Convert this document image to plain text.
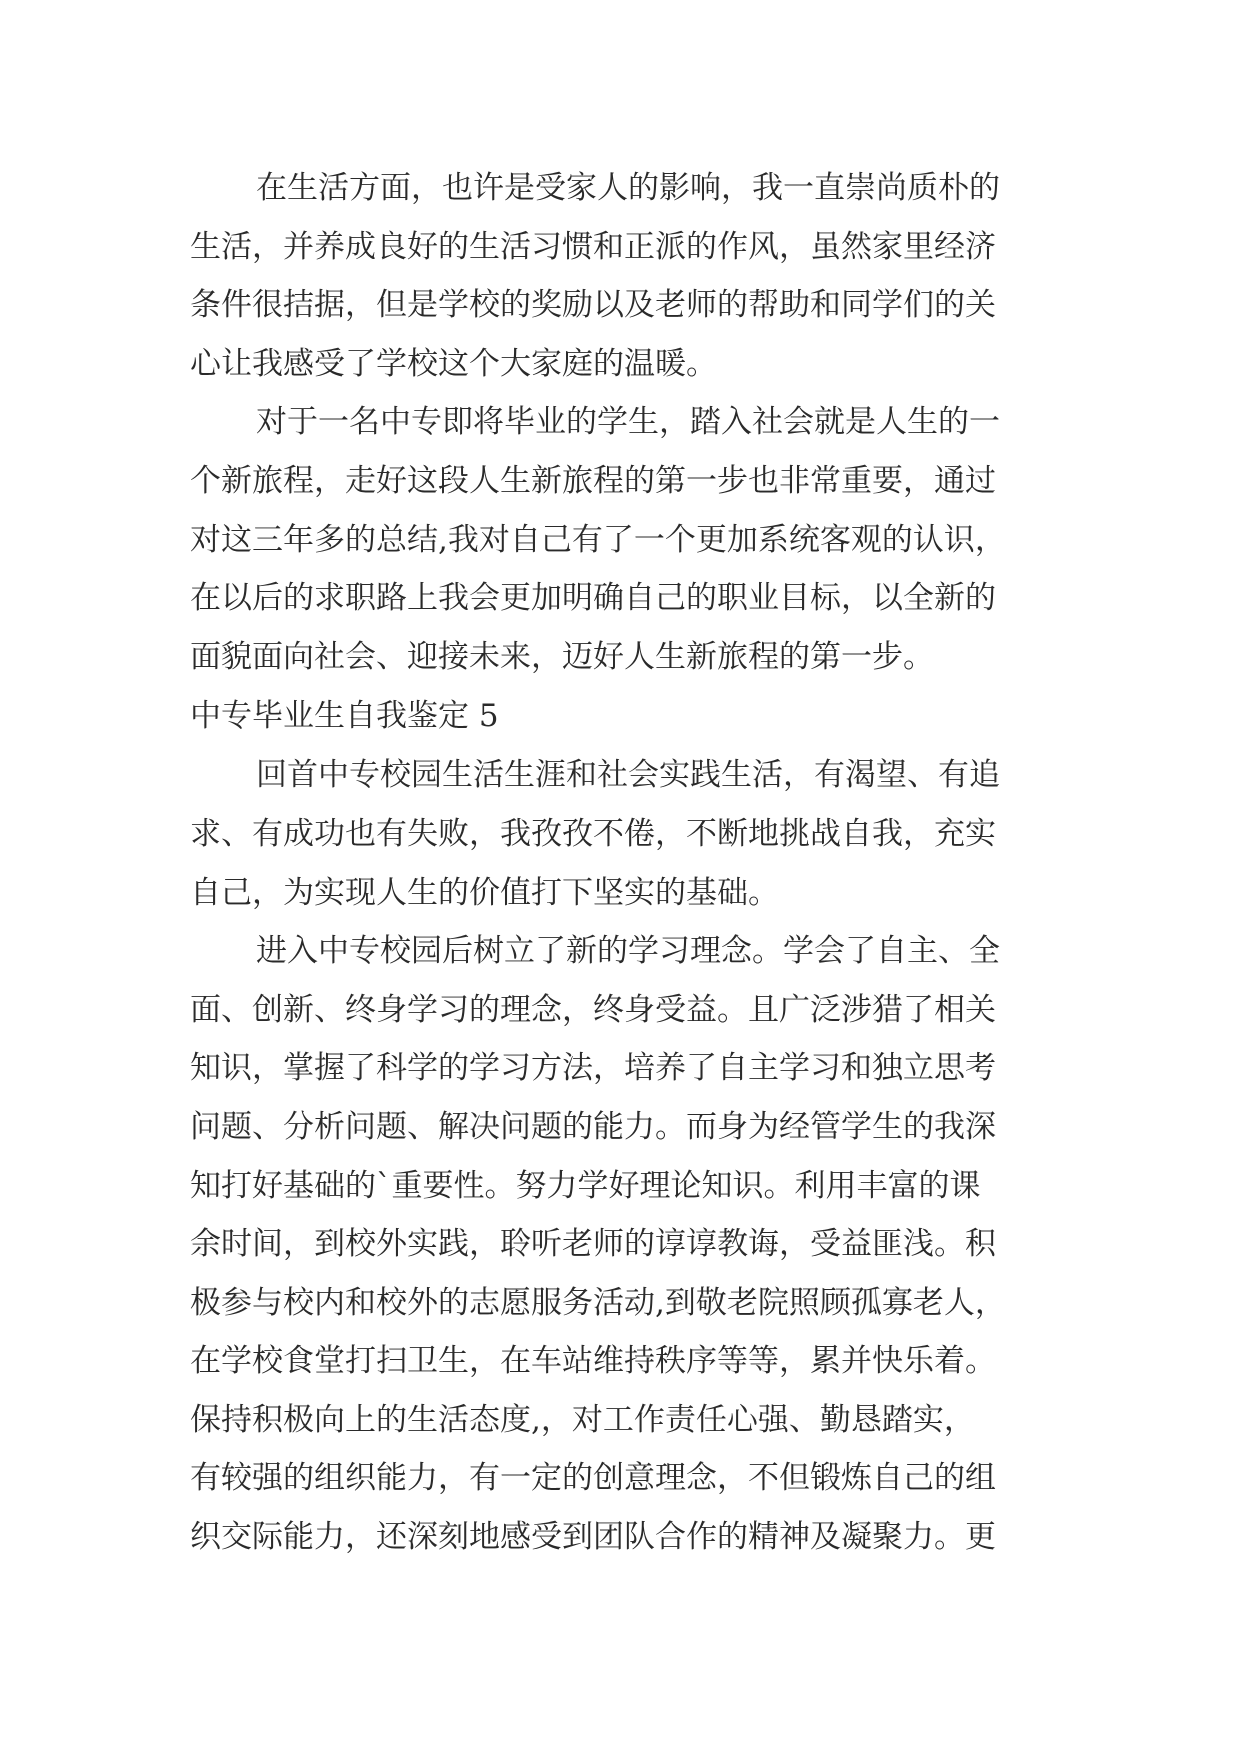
在生活方面，也许是受家人的影响，我一直崇尚质朴的

生活，并养成良好的生活习惯和正派的作风，虽然家里经济

条件很拮据，但是学校的奖励以及老师的帮助和同学们的关

心让我感受了学校这个大家庭的温暖。

对于一名中专即将毕业的学生，踏入社会就是人生的一

个新旅程，走好这段人生新旅程的第一步也非常重要，通过

对这三年多的总结,我对自己有了一个更加系统客观的认识，

在以后的求职路上我会更加明确自己的职业目标，以全新的

面貌面向社会、迎接未来，迈好人生新旅程的第一步。

中专毕业生自我鉴定 5

回首中专校园生活生涯和社会实践生活，有渴望、有追

求、有成功也有失败，我孜孜不倦，不断地挑战自我，充实

自己，为实现人生的价值打下坚实的基础。

进入中专校园后树立了新的学习理念。学会了自主、全

面、创新、终身学习的理念，终身受益。且广泛涉猎了相关

知识，掌握了科学的学习方法，培养了自主学习和独立思考

问题、分析问题、解决问题的能力。而身为经管学生的我深

知打好基础的`重要性。努力学好理论知识。利用丰富的课

余时间，到校外实践，聆听老师的谆谆教诲，受益匪浅。积

极参与校内和校外的志愿服务活动,到敬老院照顾孤寡老人，

在学校食堂打扫卫生，在车站维持秩序等等，累并快乐着。

保持积极向上的生活态度,，对工作责任心强、勤恳踏实，

有较强的组织能力，有一定的创意理念，不但锻炼自己的组

织交际能力，还深刻地感受到团队合作的精神及凝聚力。更
